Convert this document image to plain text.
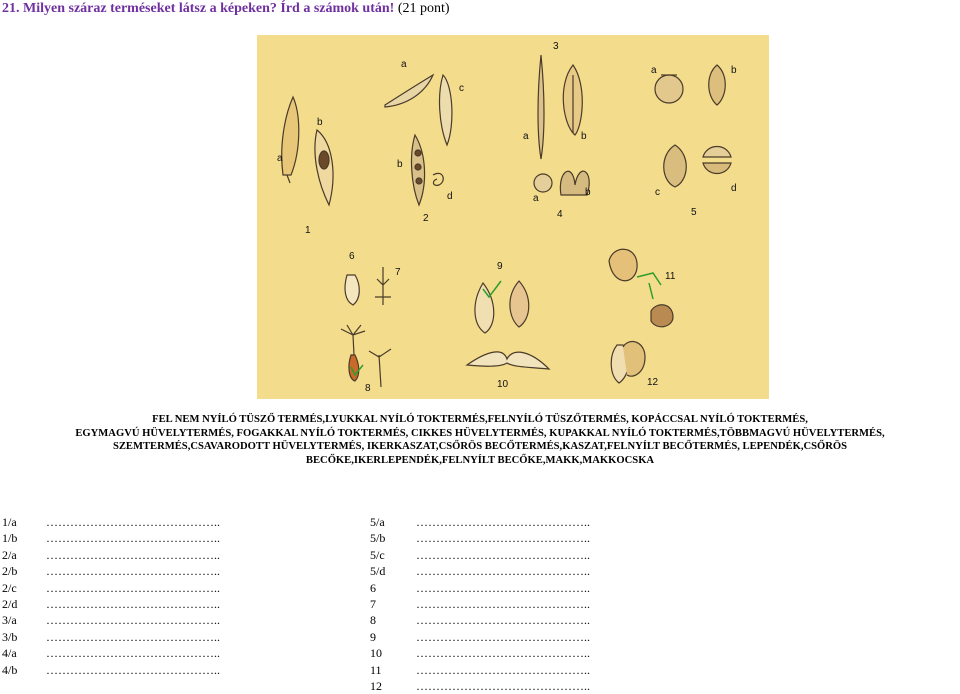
21. Milyen száraz terméseket látsz a képeken? Írd a számok után! (21 pont)
a
b
1
a
b
c
d
2
3
a	b
a
b
4
a	b
c	d
5
6
7
8
9
10
11
12
FEL NEM NYÍLÓ TÜSZŐ TERMÉS,LYUKKAL NYÍLÓ TOKTERMÉS,FELNYÍLÓ TÜSZŐTERMÉS, KOPÁCCSAL NYÍLÓ TOKTERMÉS,
EGYMAGVÚ HÜVELYTERMÉS, FOGAKKAL NYÍLÓ TOKTERMÉS, CIKKES HÜVELYTERMÉS, KUPAKKAL NYÍLÓ TOKTERMÉS,TÖBBMAGVÚ HÜVELYTERMÉS,
SZEMTERMÉS,CSAVARODOTT HÜVELYTERMÉS, IKERKASZAT,CSŐRÖS BECŐTERMÉS,KASZAT,FELNYÍLT BECŐTERMÉS, LEPENDÉK,CSŐRÖS
BECŐKE,IKERLEPENDÉK,FELNYÍLT BECŐKE,MAKK,MAKKOCSKA
1/a ……………………………………..
1/b ……………………………………..
2/a ……………………………………..
2/b ……………………………………..
2/c ……………………………………..
2/d ……………………………………..
3/a ……………………………………..
3/b ……………………………………..
4/a ……………………………………..
4/b ……………………………………..
5/a	……………………………………..
5/b	……………………………………..
5/c	……………………………………..
5/d	……………………………………..
6	……………………………………..
7	……………………………………..
8	……………………………………..
9	……………………………………..
10	……………………………………..
11	……………………………………..
12	……………………………………..
